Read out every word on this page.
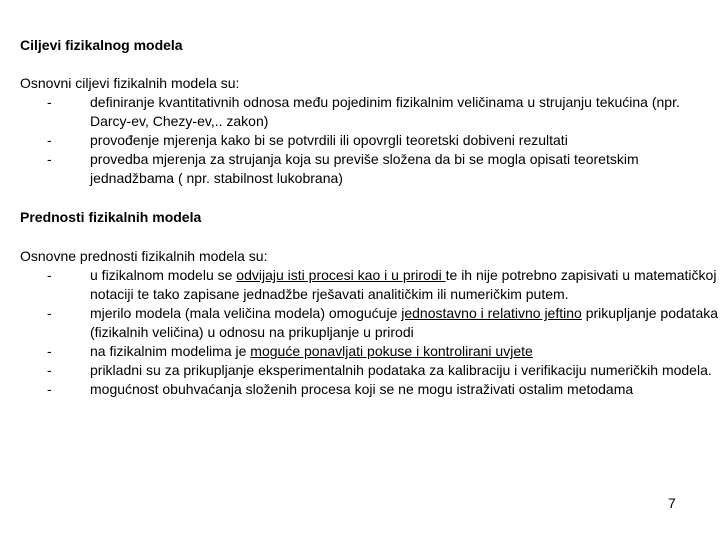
Ciljevi fizikalnog modela
Osnovni ciljevi fizikalnih modela su:
-	definiranje kvantitativnih odnosa među pojedinim fizikalnim veličinama u strujanju tekućina (npr. Darcy-ev, Chezy-ev,.. zakon)
-	provođenje mjerenja kako bi se potvrdili ili opovrgli teoretski dobiveni rezultati
-	provedba mjerenja za strujanja koja su previše složena da bi se mogla opisati teoretskim jednadžbama ( npr. stabilnost lukobrana)
Prednosti fizikalnih modela
Osnovne prednosti fizikalnih modela su:
-	u fizikalnom modelu se odvijaju isti procesi kao i u prirodi te ih nije potrebno zapisivati u matematičkoj notaciji te tako zapisane jednadžbe rješavati analitičkim ili numeričkim putem.
-	mjerilo modela (mala veličina modela) omogućuje jednostavno i relativno jeftino prikupljanje podataka (fizikalnih veličina) u odnosu na prikupljanje u prirodi
-	na fizikalnim modelima je moguće ponavljati pokuse i kontrolirani uvjete
-	prikladni su za prikupljanje eksperimentalnih podataka za kalibraciju i verifikaciju numeričkih modela.
-	mogućnost obuhvaćanja složenih procesa koji se ne mogu istraživati ostalim metodama
7
